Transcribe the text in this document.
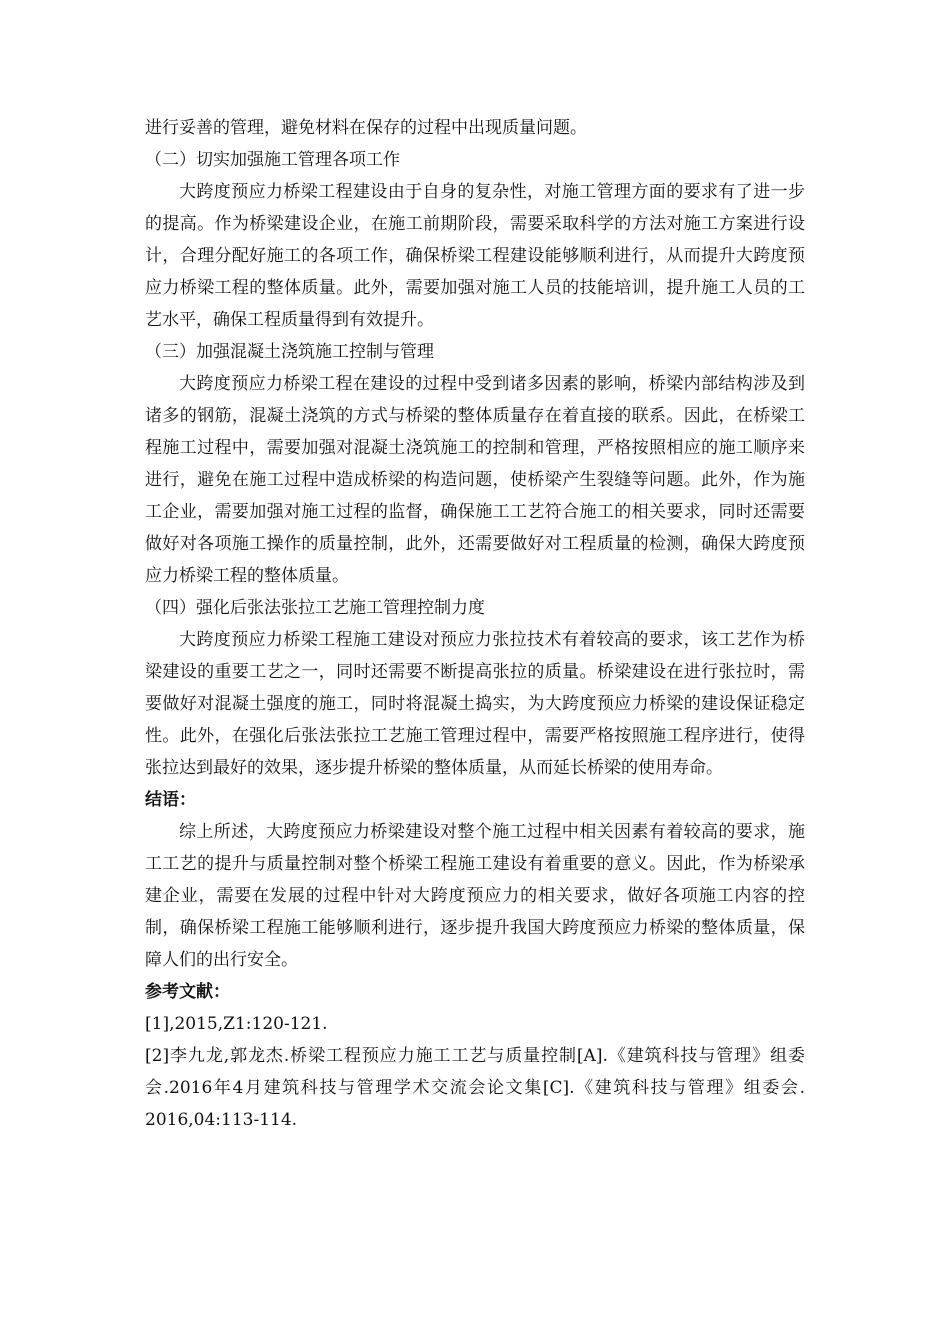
进行妥善的管理，避免材料在保存的过程中出现质量问题。

（二）切实加强施工管理各项工作

大跨度预应力桥梁工程建设由于自身的复杂性，对施工管理方面的要求有了进一步的提高。作为桥梁建设企业，在施工前期阶段，需要采取科学的方法对施工方案进行设计，合理分配好施工的各项工作，确保桥梁工程建设能够顺利进行，从而提升大跨度预应力桥梁工程的整体质量。此外，需要加强对施工人员的技能培训，提升施工人员的工艺水平，确保工程质量得到有效提升。

（三）加强混凝土浇筑施工控制与管理

大跨度预应力桥梁工程在建设的过程中受到诸多因素的影响，桥梁内部结构涉及到诸多的钢筋，混凝土浇筑的方式与桥梁的整体质量存在着直接的联系。因此，在桥梁工程施工过程中，需要加强对混凝土浇筑施工的控制和管理，严格按照相应的施工顺序来进行，避免在施工过程中造成桥梁的构造问题，使桥梁产生裂缝等问题。此外，作为施工企业，需要加强对施工过程的监督，确保施工工艺符合施工的相关要求，同时还需要做好对各项施工操作的质量控制，此外，还需要做好对工程质量的检测，确保大跨度预应力桥梁工程的整体质量。

（四）强化后张法张拉工艺施工管理控制力度

大跨度预应力桥梁工程施工建设对预应力张拉技术有着较高的要求，该工艺作为桥梁建设的重要工艺之一，同时还需要不断提高张拉的质量。桥梁建设在进行张拉时，需要做好对混凝土强度的施工，同时将混凝土捣实，为大跨度预应力桥梁的建设保证稳定性。此外，在强化后张法张拉工艺施工管理过程中，需要严格按照施工程序进行，使得张拉达到最好的效果，逐步提升桥梁的整体质量，从而延长桥梁的使用寿命。

结语：

综上所述，大跨度预应力桥梁建设对整个施工过程中相关因素有着较高的要求，施工工艺的提升与质量控制对整个桥梁工程施工建设有着重要的意义。因此，作为桥梁承建企业，需要在发展的过程中针对大跨度预应力的相关要求，做好各项施工内容的控制，确保桥梁工程施工能够顺利进行，逐步提升我国大跨度预应力桥梁的整体质量，保障人们的出行安全。

参考文献：

[1],2015,Z1:120-121.

[2]李九龙,郭龙杰.桥梁工程预应力施工工艺与质量控制[A].《建筑科技与管理》组委会.2016年4月建筑科技与管理学术交流会论文集[C].《建筑科技与管理》组委会. 2016,04:113-114.
